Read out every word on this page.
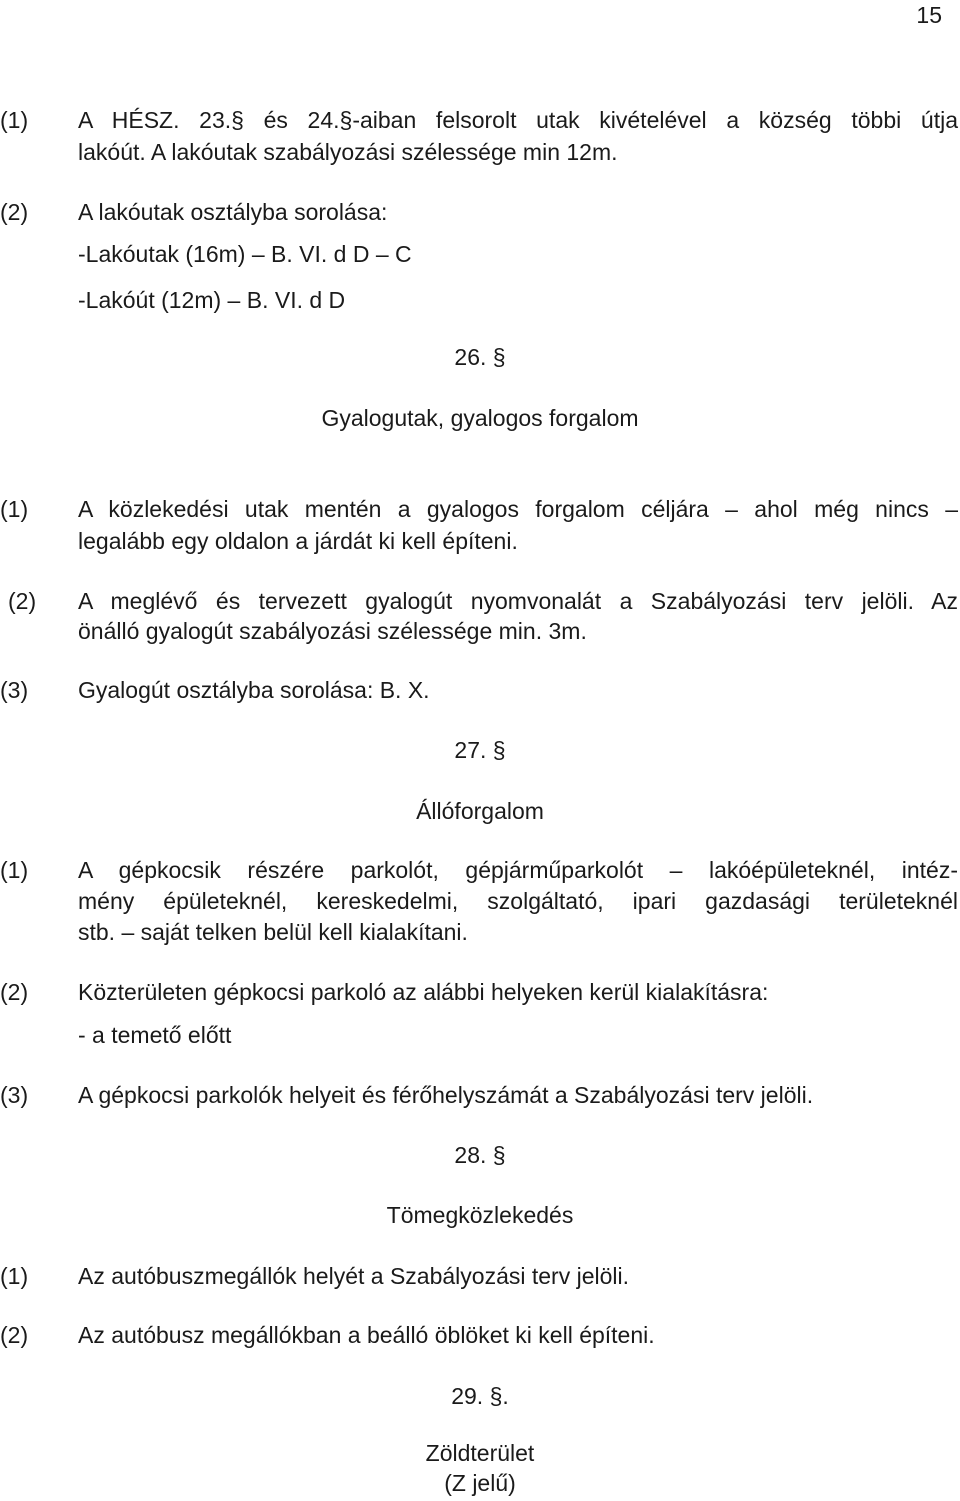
15
(1) A HÉSZ. 23.§ és 24.§-aiban felsorolt utak kivételével a község többi útja
lakóút. A lakóutak szabályozási szélessége min 12m.
(2) A lakóutak osztályba sorolása:
-Lakóutak (16m) – B. VI. d D – C
-Lakóút (12m) – B. VI. d D
26. §
Gyalogutak, gyalogos forgalom
(1) A közlekedési utak mentén a gyalogos forgalom céljára – ahol még nincs –
legalább egy oldalon a járdát ki kell építeni.
(2) A meglévő és tervezett gyalogút nyomvonalát a Szabályozási terv jelöli. Az
önálló gyalogút szabályozási szélessége min. 3m.
(3) Gyalogút osztályba sorolása: B. X.
27. §
Állóforgalom
(1) A gépkocsik részére parkolót, gépjárműparkolót – lakóépületeknél, intéz-
mény épületeknél, kereskedelmi, szolgáltató, ipari gazdasági területeknél
stb. – saját telken belül kell kialakítani.
(2) Közterületen gépkocsi parkoló az alábbi helyeken kerül kialakításra:
- a temető előtt
(3) A gépkocsi parkolók helyeit és férőhelyszámát a Szabályozási terv jelöli.
28. §
Tömegközlekedés
(1) Az autóbuszmegállók helyét a Szabályozási terv jelöli.
(2) Az autóbusz megállókban a beálló öblöket ki kell építeni.
29. §.
Zöldterület
(Z jelű)
